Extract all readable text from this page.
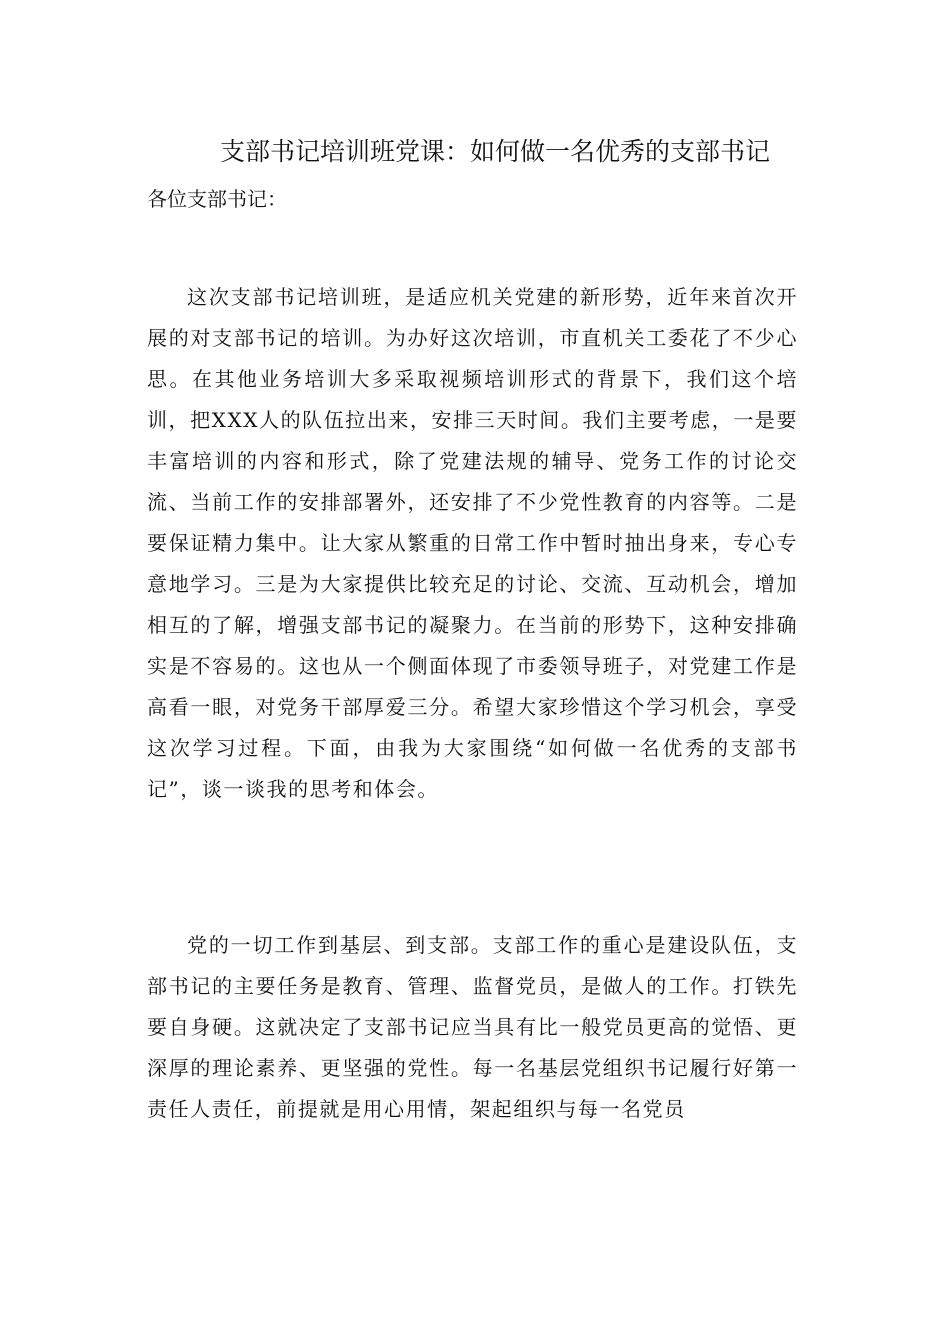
支部书记培训班党课：如何做一名优秀的支部书记

各位支部书记：

这次支部书记培训班，是适应机关党建的新形势，近年来首次开展的对支部书记的培训。为办好这次培训，市直机关工委花了不少心思。在其他业务培训大多采取视频培训形式的背景下，我们这个培训，把XXX人的队伍拉出来，安排三天时间。我们主要考虑，一是要丰富培训的内容和形式，除了党建法规的辅导、党务工作的讨论交流、当前工作的安排部署外，还安排了不少党性教育的内容等。二是要保证精力集中。让大家从繁重的日常工作中暂时抽出身来，专心专意地学习。三是为大家提供比较充足的讨论、交流、互动机会，增加相互的了解，增强支部书记的凝聚力。在当前的形势下，这种安排确实是不容易的。这也从一个侧面体现了市委领导班子，对党建工作是高看一眼，对党务干部厚爱三分。希望大家珍惜这个学习机会，享受这次学习过程。下面，由我为大家围绕“如何做一名优秀的支部书记”，谈一谈我的思考和体会。

党的一切工作到基层、到支部。支部工作的重心是建设队伍，支部书记的主要任务是教育、管理、监督党员，是做人的工作。打铁先要自身硬。这就决定了支部书记应当具有比一般党员更高的觉悟、更深厚的理论素养、更坚强的党性。每一名基层党组织书记履行好第一责任人责任，前提就是用心用情，架起组织与每一名党员
